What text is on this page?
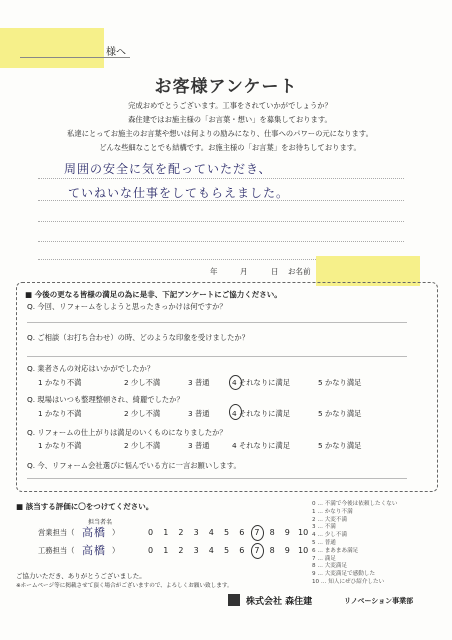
様へ
お客様アンケート
完成おめでとうございます。工事をされていかがでしょうか？
森住建ではお施主様の「お言葉・想い」を募集しております。
私達にとってお施主のお言葉や想いは何よりの励みになり、仕事へのパワーの元になります。
どんな些細なことでも結構です。お施主様の「お言葉」をお待ちしております。
周囲の安全に気を配っていただき、
ていねいな仕事をしてもらえました。
年	月	日 お名前
■ 今後の更なる皆様の満足の為に是非、下記アンケートにご協力ください。
Q. 今回、リフォームをしようと思ったきっかけは何ですか？
Q. ご相談（お打ち合わせ）の時、どのような印象を受けましたか？
Q. 業者さんの対応はいかがでしたか？
1 かなり不満	2 少し不満	3 普通	4 それなりに満足	5 かなり満足
Q. 現場はいつも整理整頓され、綺麗でしたか？
1 かなり不満	2 少し不満	3 普通	4 それなりに満足	5 かなり満足
Q. リフォームの仕上がりは満足のいくものになりましたか？
1 かなり不満	2 少し不満	3 普通	4 それなりに満足	5 かなり満足
Q. 今、リフォーム会社選びに悩んでいる方に一言お願いします。
■ 該当する評価に〇をつけてください。
担当者名
営業担当（ 高橋 ）
工務担当（ 高橋 ）
0 … 不満で今後は依頼したくない
1 … かなり不満
2 … 大変不満
3 … 不満
4 … 少し不満
5 … 普通
6 … まあまあ満足
7 … 満足
8 … 大変満足
9 … 大変満足で感動した
10 … 知人にぜひ紹介したい
ご協力いただき、ありがとうございました。
※ホームページ等に掲載させて頂く場合がございますので、よろしくお願い致します。
株式会社 森住建	リノベーション事業部
0 1 2 3 4 5 6 7 8 9 10
0 1 2 3 4 5 6 7 8 9 10
